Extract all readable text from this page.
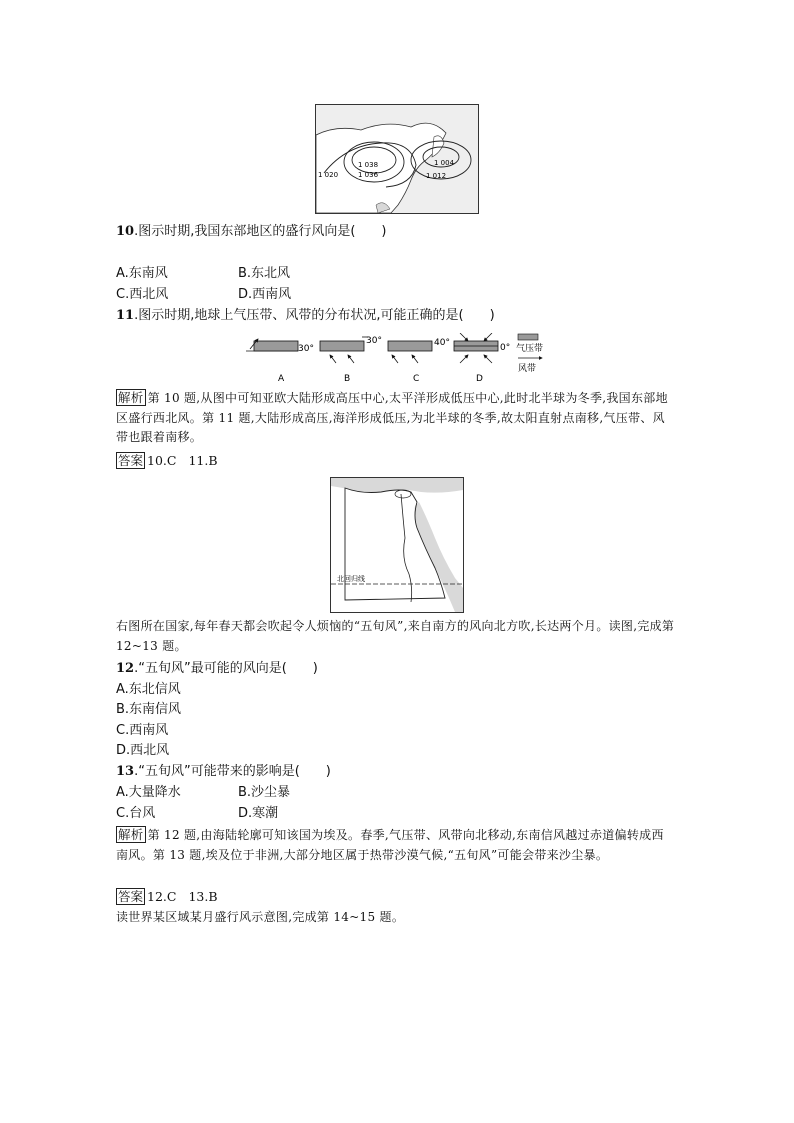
1 038
1 036
1 020
1 004
1 012
10.图示时期,我国东部地区的盛行风向是(　　)
A.东南风	B.东北风
C.西北风	D.西南风
11.图示时期,地球上气压带、风带的分布状况,可能正确的是(　　)
30°
A
30°
B
40°
C
0°
D
气压带
风带
解析 第 10 题,从图中可知亚欧大陆形成高压中心,太平洋形成低压中心,此时北半球为冬季,我国东部地区盛行西北风。第 11 题,大陆形成高压,海洋形成低压,为北半球的冬季,故太阳直射点南移,气压带、风带也跟着南移。
答案 10.C 11.B
北回归线
右图所在国家,每年春天都会吹起令人烦恼的“五旬风”,来自南方的风向北方吹,长达两个月。读图,完成第 12~13 题。
12.“五旬风”最可能的风向是(　　)
A.东北信风
B.东南信风
C.西南风
D.西北风
13.“五旬风”可能带来的影响是(　　)
A.大量降水	B.沙尘暴
C.台风	D.寒潮
解析 第 12 题,由海陆轮廓可知该国为埃及。春季,气压带、风带向北移动,东南信风越过赤道偏转成西南风。第 13 题,埃及位于非洲,大部分地区属于热带沙漠气候,“五旬风”可能会带来沙尘暴。
答案 12.C 13.B
读世界某区域某月盛行风示意图,完成第 14~15 题。
